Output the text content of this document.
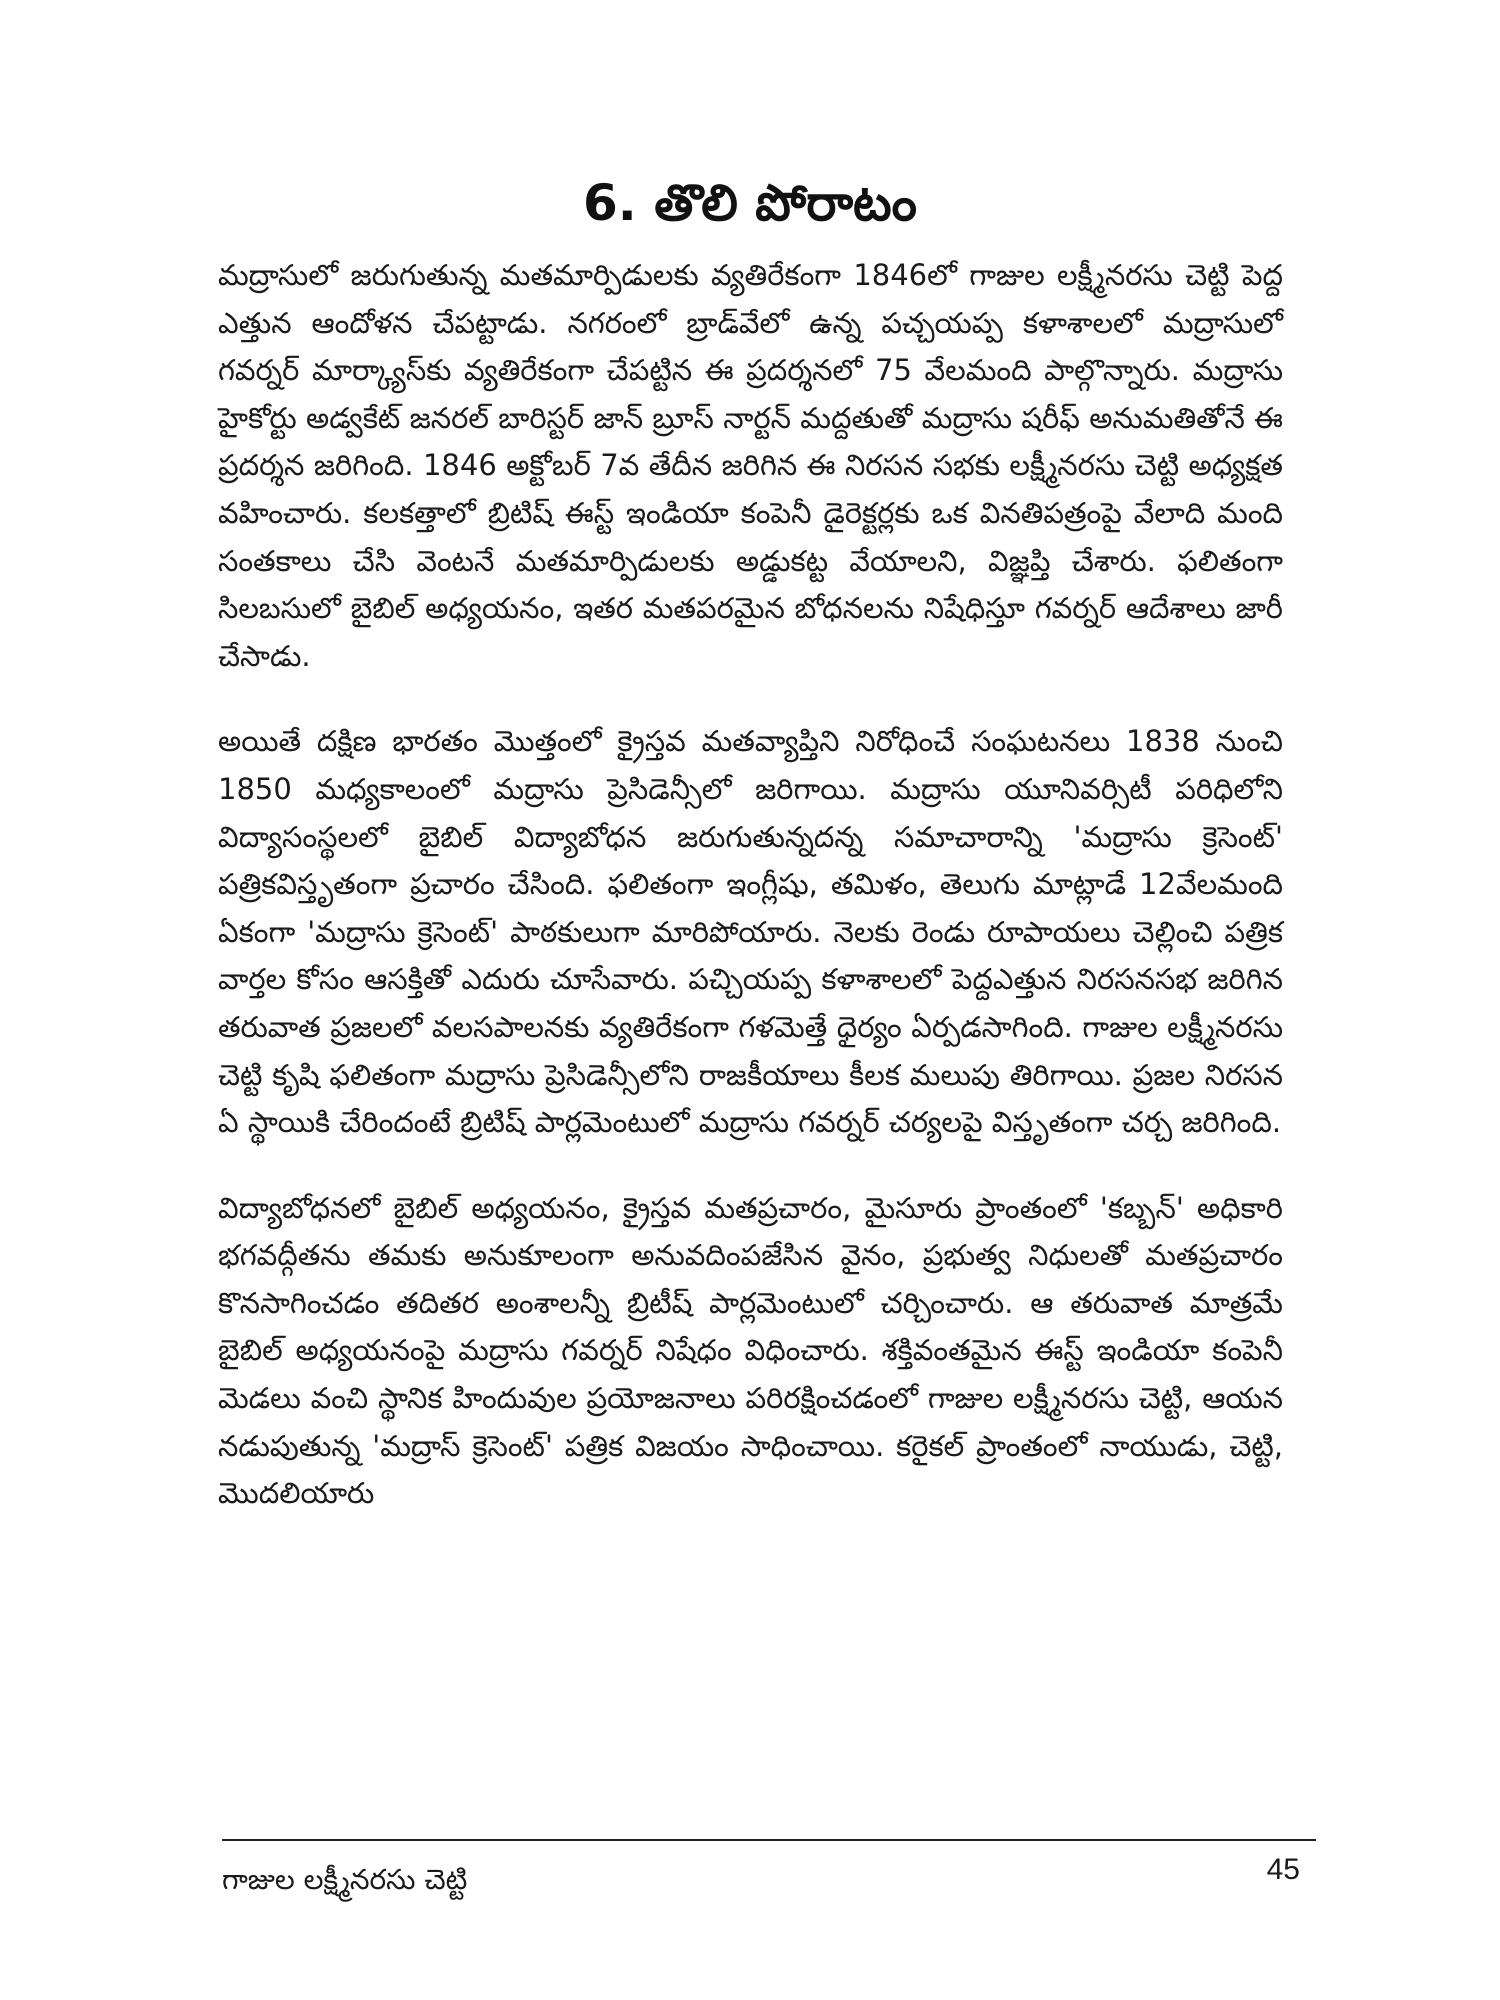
6. తొలి పోరాటం

మద్రాసులో జరుగుతున్న మతమార్పిడులకు వ్యతిరేకంగా 1846లో గాజుల లక్ష్మీనరసు చెట్టి పెద్ద ఎత్తున ఆందోళన చేపట్టాడు. నగరంలో బ్రాడ్‌వేలో ఉన్న పచ్చయప్ప కళాశాలలో మద్రాసులో గవర్నర్ మార్క్యాస్‌కు వ్యతిరేకంగా చేపట్టిన ఈ ప్రదర్శనలో 75 వేలమంది పాల్గొన్నారు. మద్రాసు హైకోర్టు అడ్వకేట్ జనరల్ బారిస్టర్ జాన్ బ్రూస్ నార్టన్ మద్దతుతో మద్రాసు షరీఫ్ అనుమతితోనే ఈ ప్రదర్శన జరిగింది. 1846 అక్టోబర్ 7వ తేదీన జరిగిన ఈ నిరసన సభకు లక్ష్మీనరసు చెట్టి అధ్యక్షత వహించారు. కలకత్తాలో బ్రిటిష్ ఈస్ట్ ఇండియా కంపెనీ డైరెక్టర్లకు ఒక వినతిపత్రంపై వేలాది మంది సంతకాలు చేసి వెంటనే మతమార్పిడులకు అడ్డుకట్ట వేయాలని, విజ్ఞప్తి చేశారు. ఫలితంగా సిలబసులో బైబిల్ అధ్యయనం, ఇతర మతపరమైన బోధనలను నిషేధిస్తూ గవర్నర్ ఆదేశాలు జారీ చేసాడు.

అయితే దక్షిణ భారతం మొత్తంలో క్రైస్తవ మతవ్యాప్తిని నిరోధించే సంఘటనలు 1838 నుంచి 1850 మధ్యకాలంలో మద్రాసు ప్రెసిడెన్సీలో జరిగాయి. మద్రాసు యూనివర్సిటీ పరిధిలోని విద్యాసంస్థలలో బైబిల్ విద్యాబోధన జరుగుతున్నదన్న సమాచారాన్ని 'మద్రాసు క్రెసెంట్' పత్రికవిస్తృతంగా ప్రచారం చేసింది. ఫలితంగా ఇంగ్లీషు, తమిళం, తెలుగు మాట్లాడే 12వేలమంది ఏకంగా 'మద్రాసు క్రెసెంట్' పాఠకులుగా మారిపోయారు. నెలకు రెండు రూపాయలు చెల్లించి పత్రిక వార్తల కోసం ఆసక్తితో ఎదురు చూసేవారు. పచ్చియప్ప కళాశాలలో పెద్దఎత్తున నిరసనసభ జరిగిన తరువాత ప్రజలలో వలసపాలనకు వ్యతిరేకంగా గళమెత్తే ధైర్యం ఏర్పడసాగింది. గాజుల లక్ష్మీనరసు చెట్టి కృషి ఫలితంగా మద్రాసు ప్రెసిడెన్సీలోని రాజకీయాలు కీలక మలుపు తిరిగాయి. ప్రజల నిరసన ఏ స్థాయికి చేరిందంటే బ్రిటిష్ పార్లమెంటులో మద్రాసు గవర్నర్ చర్యలపై విస్తృతంగా చర్చ జరిగింది.

విద్యాబోధనలో బైబిల్ అధ్యయనం, క్రైస్తవ మతప్రచారం, మైసూరు ప్రాంతంలో 'కబ్బన్' అధికారి భగవద్గీతను తమకు అనుకూలంగా అనువదింపజేసిన వైనం, ప్రభుత్వ నిధులతో మతప్రచారం కొనసాగించడం తదితర అంశాలన్నీ బ్రిటీష్ పార్లమెంటులో చర్చించారు. ఆ తరువాత మాత్రమే బైబిల్ అధ్యయనంపై మద్రాసు గవర్నర్ నిషేధం విధించారు. శక్తివంతమైన ఈస్ట్ ఇండియా కంపెనీ మెడలు వంచి స్థానిక హిందువుల ప్రయోజనాలు పరిరక్షించడంలో గాజుల లక్ష్మీనరసు చెట్టి, ఆయన నడుపుతున్న 'మద్రాస్ క్రెసెంట్' పత్రిక విజయం సాధించాయి. కరైకల్ ప్రాంతంలో నాయుడు, చెట్టి, మొదలియారు

గాజుల లక్ష్మీనరసు చెట్టి	45
